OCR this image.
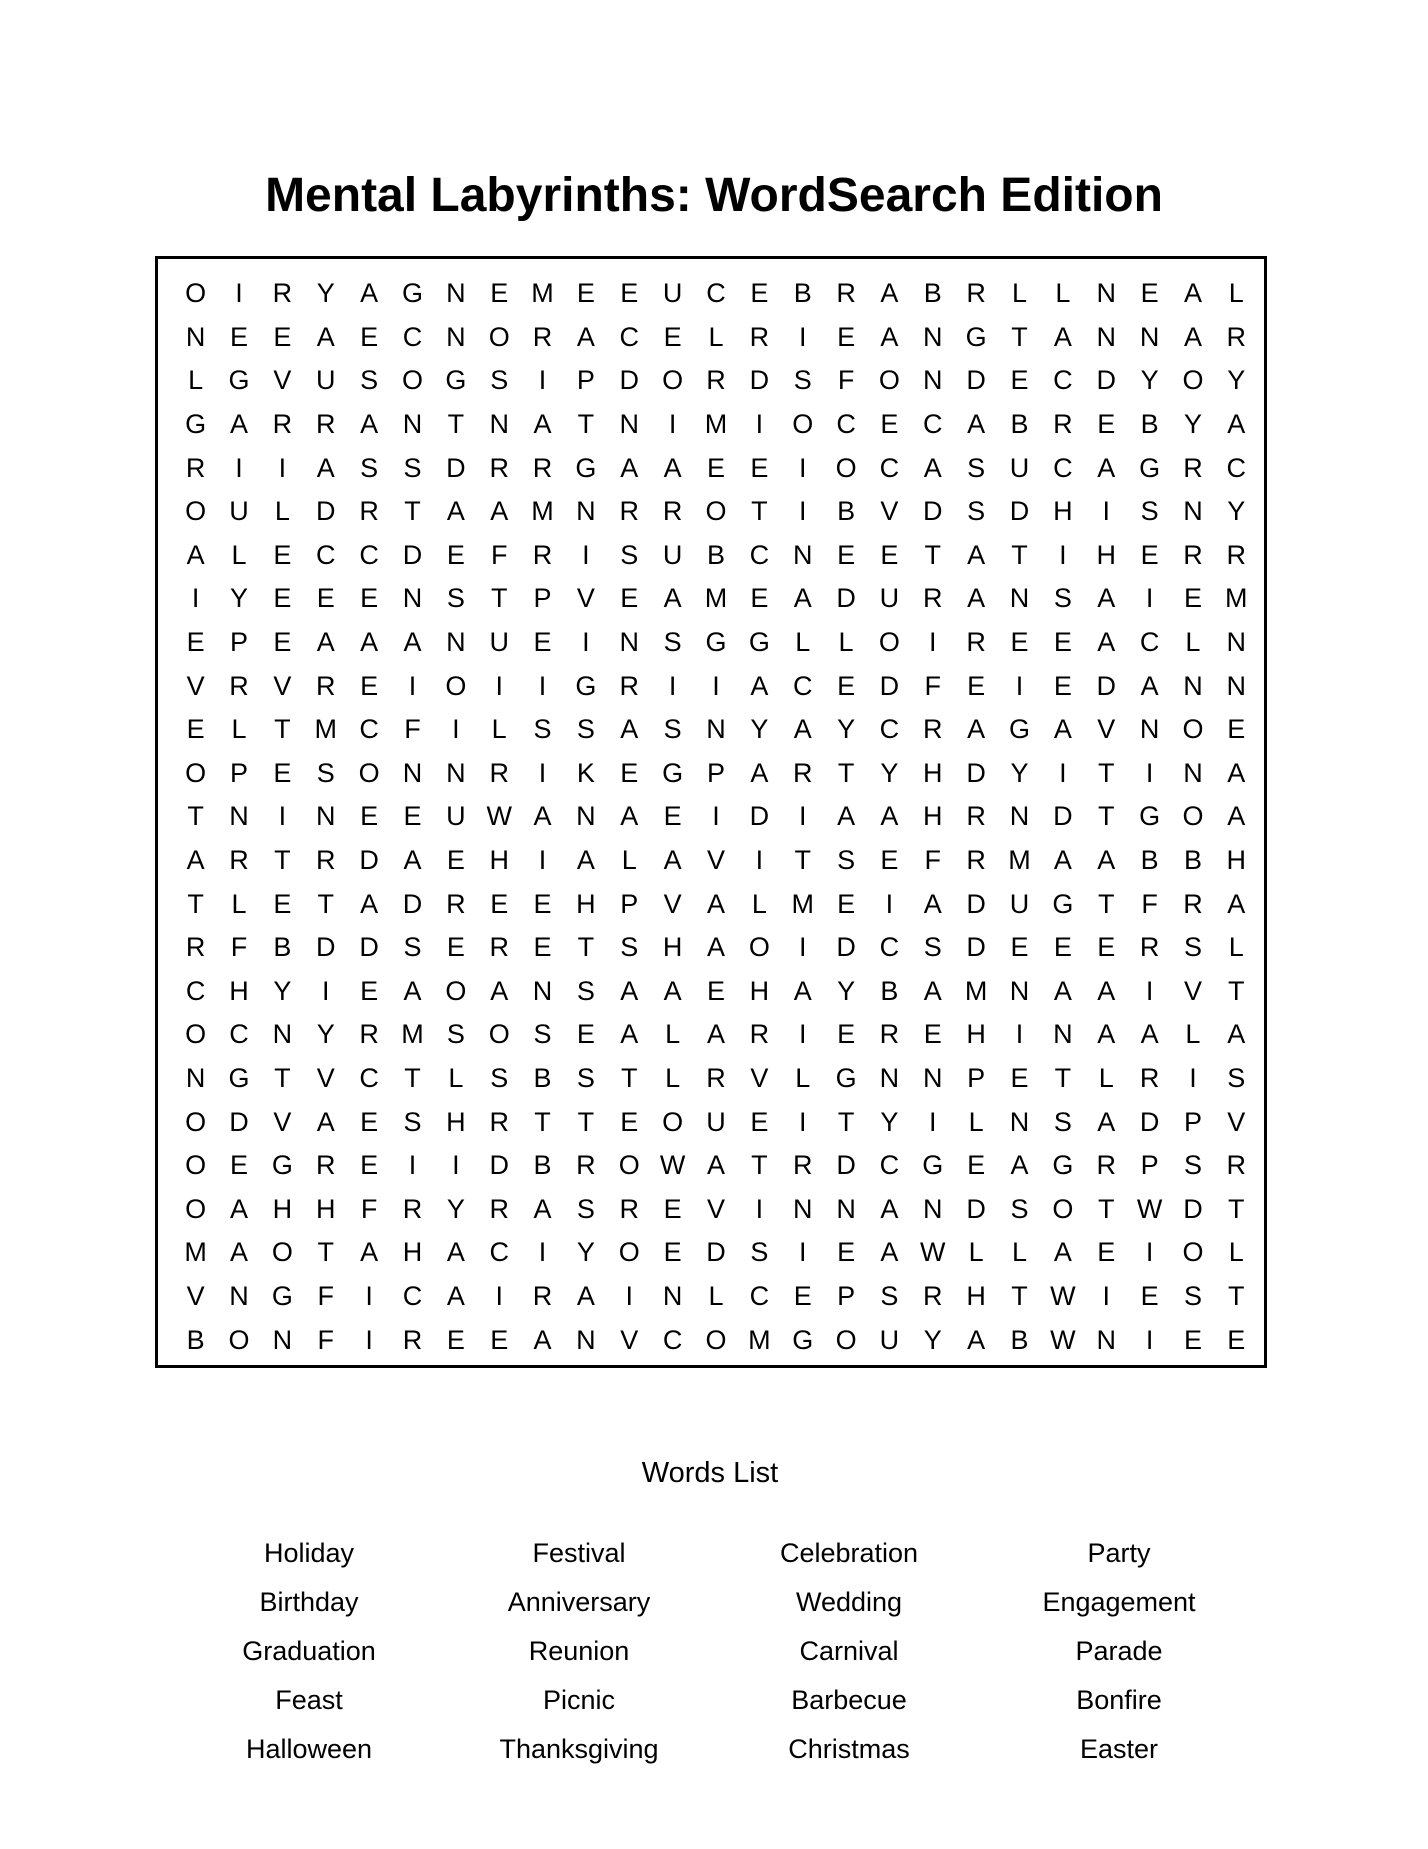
Mental Labyrinths: WordSearch Edition
O	I	R Y A G N E M E E U C E B R A B R L	L N E A L
N E E A E C N O R A C E L R	I	E A N G T A N N A R
L G V U S O G S	I	P D O R D S F O N D E C D Y O Y
G A R R A N T N A T N	I	M	I	O C E C A B R E B Y A
R	I	I	A S S D R R G A A E E	I	O C A S U C A G R C
O U L D R T A A M N R R O T	I	B V D S D H	I	S N Y
A L E C C D E F R	I	S U B C N E E T A T	I	H E R R
I	Y E E E N S T P V E A M E A D U R A N S A	I	E M
E P E A A A N U E	I	N S G G L	L O	I	R E E A C L N
V R V R E	I	O	I	I	G R	I	I	A C E D F E	I	E D A N N
E L	T M C F	I	L S S A S N Y A Y C R A G A V N O E
O P E S O N N R	I	K E G P A R T Y H D Y	I	T	I	N A
T N	I	N E E U W A N A E	I	D	I	A A H R N D T G O A
A R T R D A E H	I	A L A V	I	T S E F R M A A B B H
T	L E T A D R E E H P V A L M E	I	A D U G T F R A
R F B D D S E R E T S H A O	I	D C S D E E E R S L
C H Y	I	E A O A N S A A E H A Y B A M N A A	I	V T
O C N Y R M S O S E A L A R	I	E R E H	I	N A A L A
N G T V C T	L S B S T	L R V L G N N P E T	L R	I	S
O D V A E S H R T T E O U E	I	T Y	I	L N S A D P V
O E G R E	I	I	D B R O W A T R D C G E A G R P S R
O A H H F R Y R A S R E V	I	N N A N D S O T W D T
M A O T A H A C	I	Y O E D S	I	E A W L	L A E	I	O L
V N G F	I	C A	I	R A	I	N L C E P S R H T W I	E S T
B O N F	I	R E E A N V C O M G O U Y A B W N	I	E E
Words List
Holiday	Festival	Celebration	Party
Birthday	Anniversary	Wedding	Engagement
Graduation	Reunion	Carnival	Parade
Feast	Picnic	Barbecue	Bonfire
Halloween	Thanksgiving	Christmas	Easter
